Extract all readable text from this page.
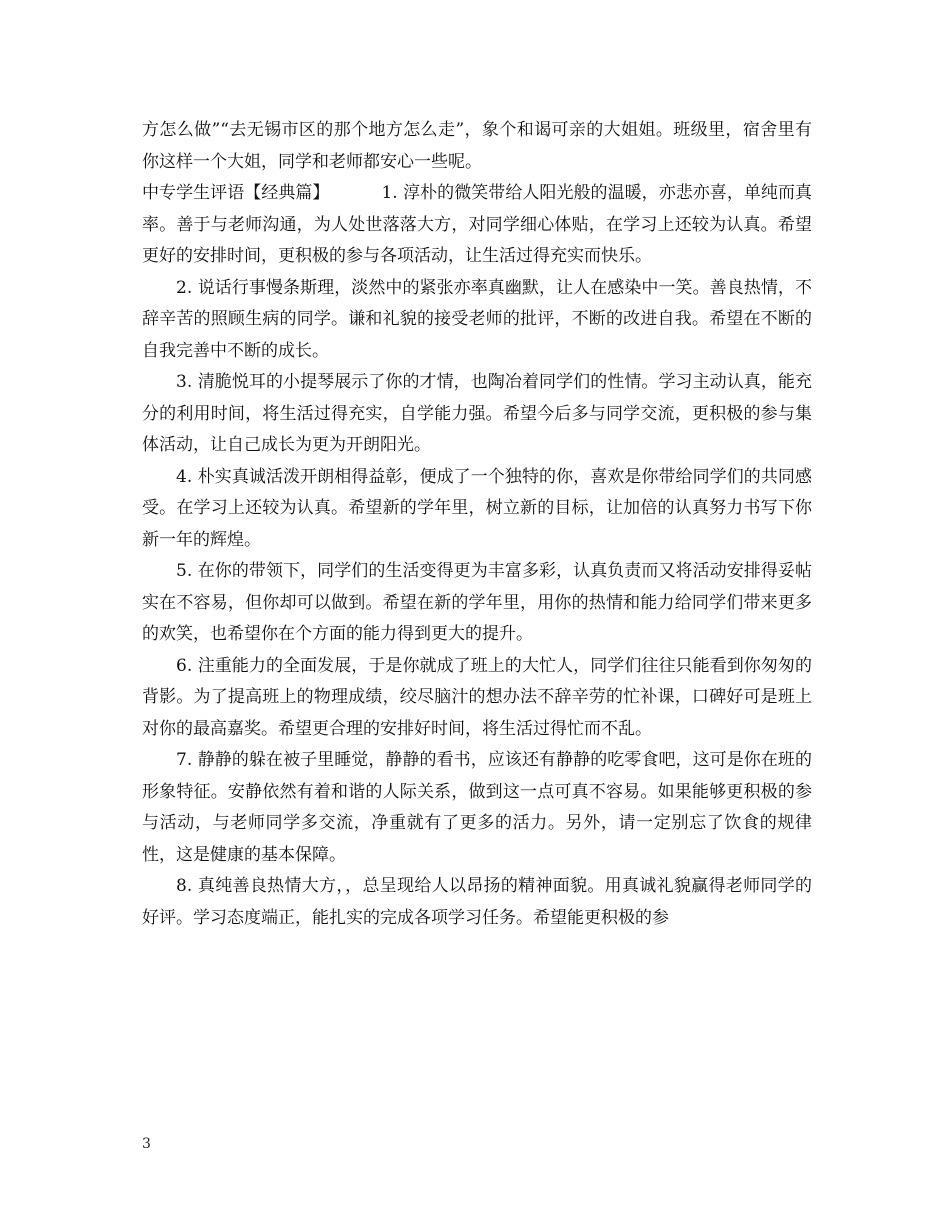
方怎么做”“去无锡市区的那个地方怎么走”，象个和谒可亲的大姐姐。班级里，宿舍里有你这样一个大姐，同学和老师都安心一些呢。

中专学生评语【经典篇】	1. 淳朴的微笑带给人阳光般的温暖，亦悲亦喜，单纯而真率。善于与老师沟通，为人处世落落大方，对同学细心体贴，在学习上还较为认真。希望更好的安排时间，更积极的参与各项活动，让生活过得充实而快乐。

2. 说话行事慢条斯理，淡然中的紧张亦率真幽默，让人在感染中一笑。善良热情，不辞辛苦的照顾生病的同学。谦和礼貌的接受老师的批评，不断的改进自我。希望在不断的自我完善中不断的成长。

3. 清脆悦耳的小提琴展示了你的才情，也陶冶着同学们的性情。学习主动认真，能充分的利用时间，将生活过得充实，自学能力强。希望今后多与同学交流，更积极的参与集体活动，让自己成长为更为开朗阳光。

4. 朴实真诚活泼开朗相得益彰，便成了一个独特的你，喜欢是你带给同学们的共同感受。在学习上还较为认真。希望新的学年里，树立新的目标，让加倍的认真努力书写下你新一年的辉煌。

5. 在你的带领下，同学们的生活变得更为丰富多彩，认真负责而又将活动安排得妥帖实在不容易，但你却可以做到。希望在新的学年里，用你的热情和能力给同学们带来更多的欢笑，也希望你在个方面的能力得到更大的提升。

6. 注重能力的全面发展，于是你就成了班上的大忙人，同学们往往只能看到你匆匆的背影。为了提高班上的物理成绩，绞尽脑汁的想办法不辞辛劳的忙补课，口碑好可是班上对你的最高嘉奖。希望更合理的安排好时间，将生活过得忙而不乱。

7. 静静的躲在被子里睡觉，静静的看书，应该还有静静的吃零食吧，这可是你在班的形象特征。安静依然有着和谐的人际关系，做到这一点可真不容易。如果能够更积极的参与活动，与老师同学多交流，净重就有了更多的活力。另外，请一定别忘了饮食的规律性，这是健康的基本保障。

8. 真纯善良热情大方，，总呈现给人以昂扬的精神面貌。用真诚礼貌赢得老师同学的好评。学习态度端正，能扎实的完成各项学习任务。希望能更积极的参

3
